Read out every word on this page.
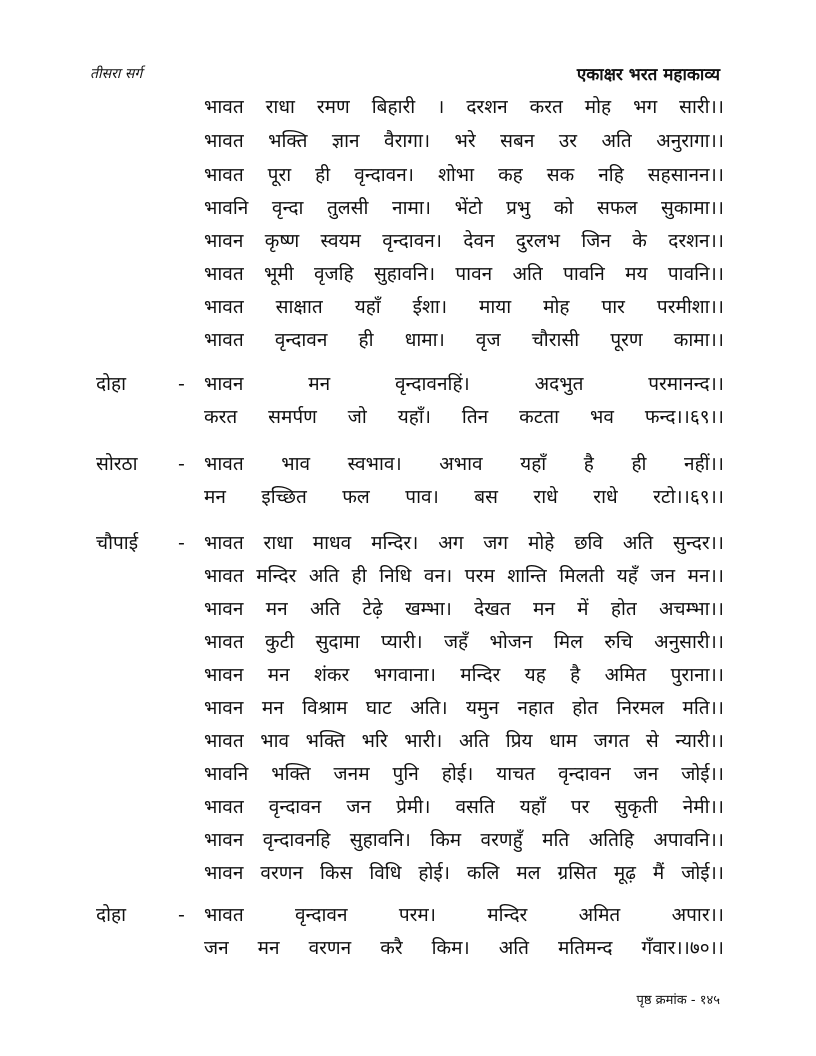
तीसरा सर्ग	एकाक्षर भरत महाकाव्य
भावत राधा रमण बिहारी । दरशन करत मोह भग सारी।।
भावत भक्ति ज्ञान वैरागा। भरे सबन उर अति अनुरागा।।
भावत पूरा ही वृन्दावन। शोभा कह सक नहि सहसानन।।
भावनि वृन्दा तुलसी नामा। भेंटो प्रभु को सफल सुकामा।।
भावन कृष्ण स्वयम वृन्दावन। देवन दुरलभ जिन के दरशन।।
भावत भूमी वृजहि सुहावनि। पावन अति पावनि मय पावनि।।
भावत साक्षात यहाँ ईशा। माया मोह पार परमीशा।।
भावत वृन्दावन ही धामा। वृज चौरासी पूरण कामा।।
दोहा	- भावन मन वृन्दावनहिं। अदभुत परमानन्द।।
करत समर्पण जो यहाँ। तिन कटता भव फन्द।।६९।।
सोरठा - भावत भाव स्वभाव। अभाव यहाँ है ही नहीं।।
मन इच्छित फल पाव। बस राधे राधे रटो।।६९।।
चौपाई - भावत राधा माधव मन्दिर। अग जग मोहे छवि अति सुन्दर।।
भावत मन्दिर अति ही निधि वन। परम शान्ति मिलती यहँ जन मन।।
भावन मन अति टेढ़े खम्भा। देखत मन में होत अचम्भा।।
भावत कुटी सुदामा प्यारी। जहँ भोजन मिल रुचि अनुसारी।।
भावन मन शंकर भगवाना। मन्दिर यह है अमित पुराना।।
भावन मन विश्राम घाट अति। यमुन नहात होत निरमल मति।।
भावत भाव भक्ति भरि भारी। अति प्रिय धाम जगत से न्यारी।।
भावनि भक्ति जनम पुनि होई। याचत वृन्दावन जन जोई।।
भावत वृन्दावन जन प्रेमी। वसति यहाँ पर सुकृती नेमी।।
भावन वृन्दावनहि सुहावनि। किम वरणहुँ मति अतिहि अपावनि।।
भावन वरणन किस विधि होई। कलि मल ग्रसित मूढ़ मैं जोई।।
दोहा	- भावत वृन्दावन परम। मन्दिर अमित अपार।।
जन मन वरणन करै किम। अति मतिमन्द गँवार।।७०।।
पृष्ठ क्रमांक - १४५
